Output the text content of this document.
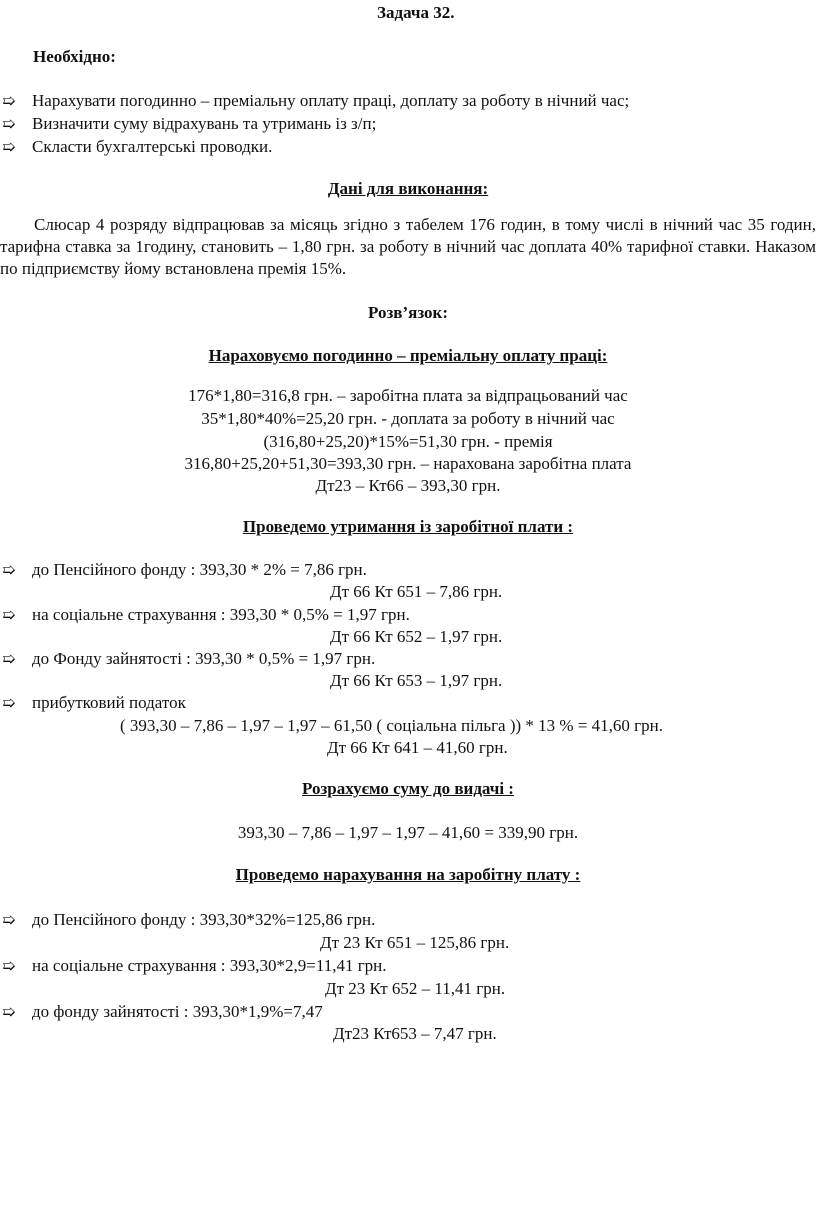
Задача 32.
Необхідно:
➯ Нарахувати погодинно – преміальну оплату праці, доплату за роботу в нічний час;
➯ Визначити суму відрахувань та утримань із з/п;
➯ Скласти бухгалтерські проводки.
Дані для виконання:
Слюсар 4 розряду відпрацював за місяць згідно з табелем 176 годин, в тому числі в нічний час 35 годин, тарифна ставка за 1годину, становить – 1,80 грн. за роботу в нічний час доплата 40% тарифної ставки. Наказом по підприємству йому встановлена премія 15%.
Розв’язок:
Нараховуємо погодинно – преміальну оплату праці:
176*1,80=316,8 грн. – заробітна плата за відпрацьований час
35*1,80*40%=25,20 грн. - доплата за роботу в нічний час
(316,80+25,20)*15%=51,30 грн. - премія
316,80+25,20+51,30=393,30 грн. – нарахована заробітна плата
Дт23 – Кт66 – 393,30 грн.
Проведемо утримання із заробітної плати :
➯ до Пенсійного фонду : 393,30 * 2% = 7,86 грн.
Дт 66 Кт 651 – 7,86 грн.
➯ на соціальне страхування : 393,30 * 0,5% = 1,97 грн.
Дт 66 Кт 652 – 1,97 грн.
➯ до Фонду зайнятості : 393,30 * 0,5% = 1,97 грн.
Дт 66 Кт 653 – 1,97 грн.
➯ прибутковий податок
( 393,30 – 7,86 – 1,97 – 1,97 – 61,50 ( соціальна пільга )) * 13 % = 41,60 грн.
Дт 66 Кт 641 – 41,60 грн.
Розрахуємо суму до видачі :
393,30 – 7,86 – 1,97 – 1,97 – 41,60 = 339,90 грн.
Проведемо нарахування на заробітну плату :
➯ до Пенсійного фонду : 393,30*32%=125,86 грн.
Дт 23 Кт 651 – 125,86 грн.
➯ на соціальне страхування : 393,30*2,9=11,41 грн.
Дт 23 Кт 652 – 11,41 грн.
➯ до фонду зайнятості : 393,30*1,9%=7,47
Дт23 Кт653 – 7,47 грн.
